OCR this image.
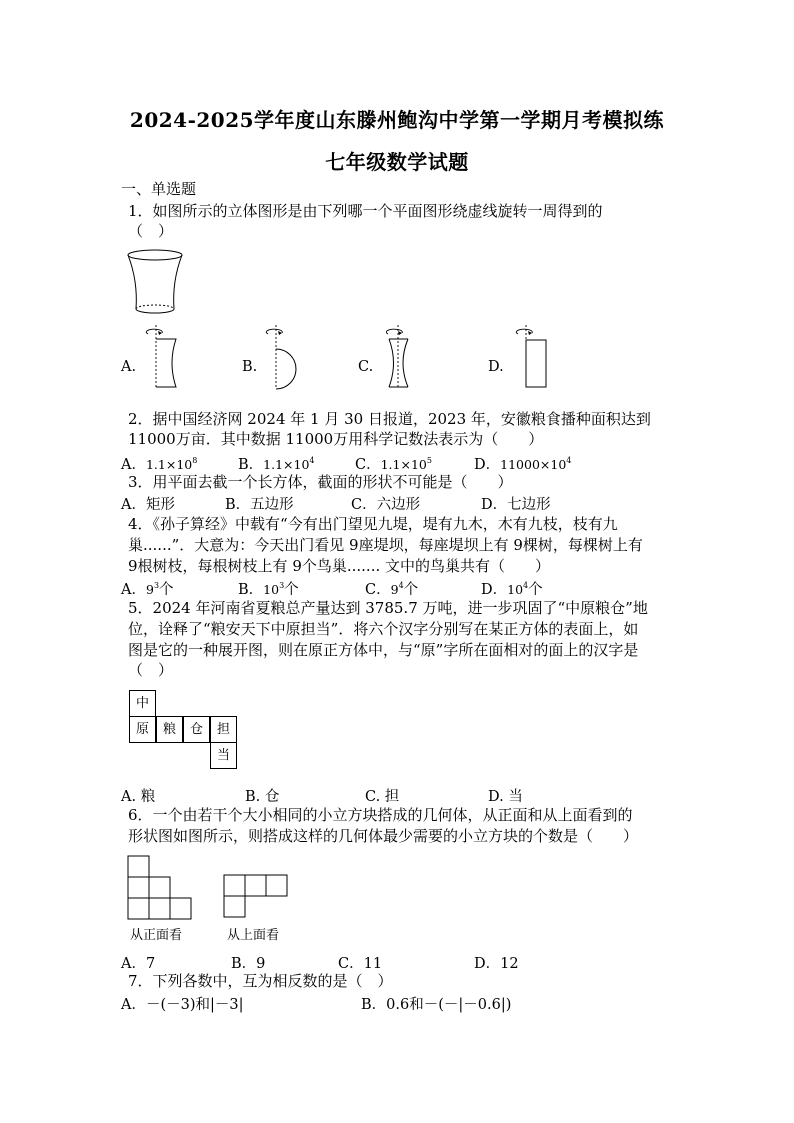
2024-2025学年度山东滕州鲍沟中学第一学期月考模拟练
七年级数学试题
一、单选题
1．如图所示的立体图形是由下列哪一个平面图形绕虚线旋转一周得到的
（　）
A.	B.	C.	D.
2．据中国经济网 2024 年 1 月 30 日报道，2023 年，安徽粮食播种面积达到
11000万亩．其中数据 11000万用科学记数法表示为（　　）
A．$1.1\times 10^8$	B．$1.1\times 10^4$	C．$1.1\times 10^5$	D．$11000\times 10^4$
3．用平面去截一个长方体，截面的形状不可能是（　　）
A．矩形	B．五边形	C．六边形	D．七边形
4．《孙子算经》中载有“今有出门望见九堤，堤有九木，木有九枝，枝有九
巢......”．大意为：今天出门看见 9座堤坝，每座堤坝上有 9棵树，每棵树上有
9根树枝，每根树枝上有 9个鸟巢....... 文中的鸟巢共有（　　）
A．$9^3$个	B．$10^3$个	C．$9^4$个	D．$10^4$个
5．2024 年河南省夏粮总产量达到 3785.7 万吨，进一步巩固了“中原粮仓”地
位，诠释了“粮安天下中原担当”．将六个汉字分别写在某正方体的表面上，如
图是它的一种展开图，则在原正方体中，与“原”字所在面相对的面上的汉字是
（　）
中
原	粮	仓	担
当
A. 粮	B. 仓	C. 担	D. 当
6．一个由若干个大小相同的小立方块搭成的几何体，从正面和从上面看到的
形状图如图所示，则搭成这样的几何体最少需要的小立方块的个数是（　　）
从正面看	从上面看
A．7	B．9	C．11	D．12
7．下列各数中，互为相反数的是（　）
A．－(－3)和|－3|	B．0.6和－(－|－0.6|)
